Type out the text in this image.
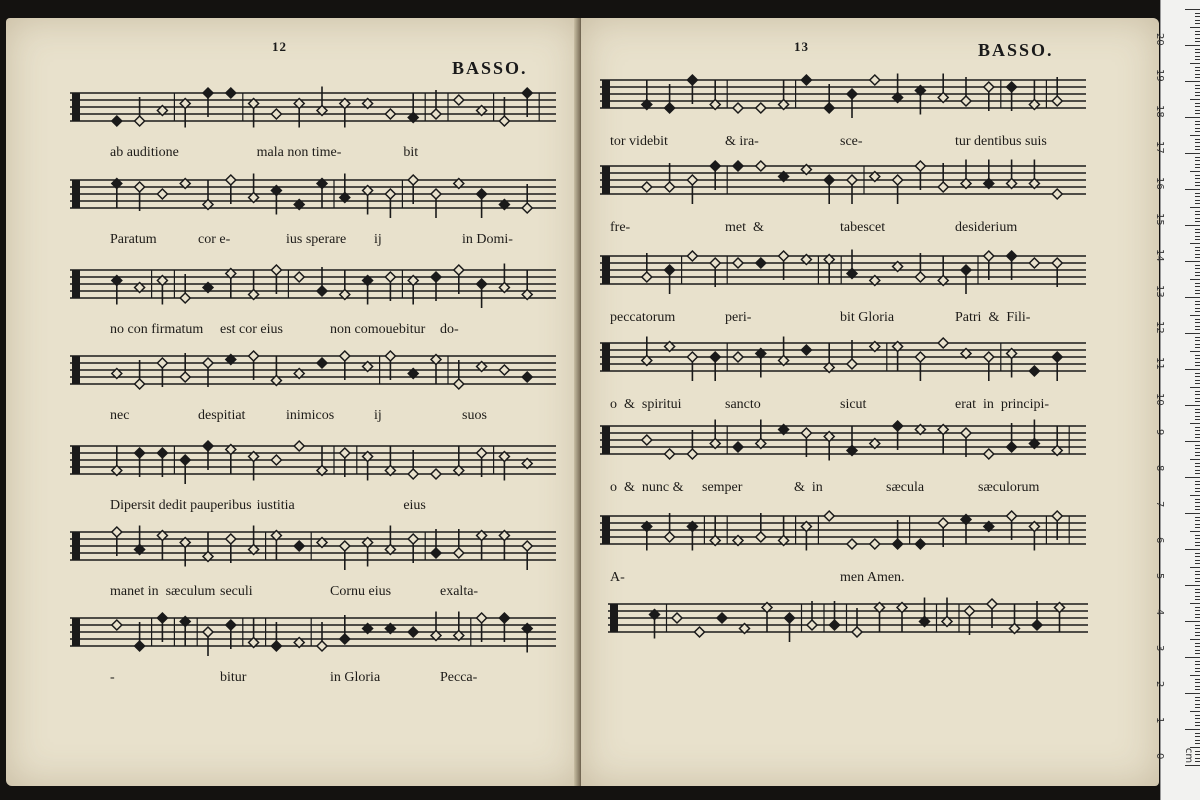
12
BASSO.
13	BASSO.
ab auditione	mala non time-	bit
Paratum	cor e-	ius sperare ij	in Domi-
no con firmatum est cor eius	non comouebitur do-
nec	despitiat	inimicos	ij	suos
Dipersit dedit pauperibus iustitia	eius
manet in  sæculum seculi	Cornu eius	exalta-
-	bitur	in Gloria	Pecca-
tor videbit	& ira-	sce-	tur dentibus suis
fre-	met  &	tabescet	desiderium
peccatorum	peri-	bit Gloria	Patri  &  Fili-
o  &  spiritui	sancto	sicut	erat  in  principi-
o  &  nunc & semper	&  in	sæcula	sæculorum
A-	men Amen.
0
1
2
3
4
5
6
7
8
9
10
11
12
13
14
15
16
17
18
19
20
cm
